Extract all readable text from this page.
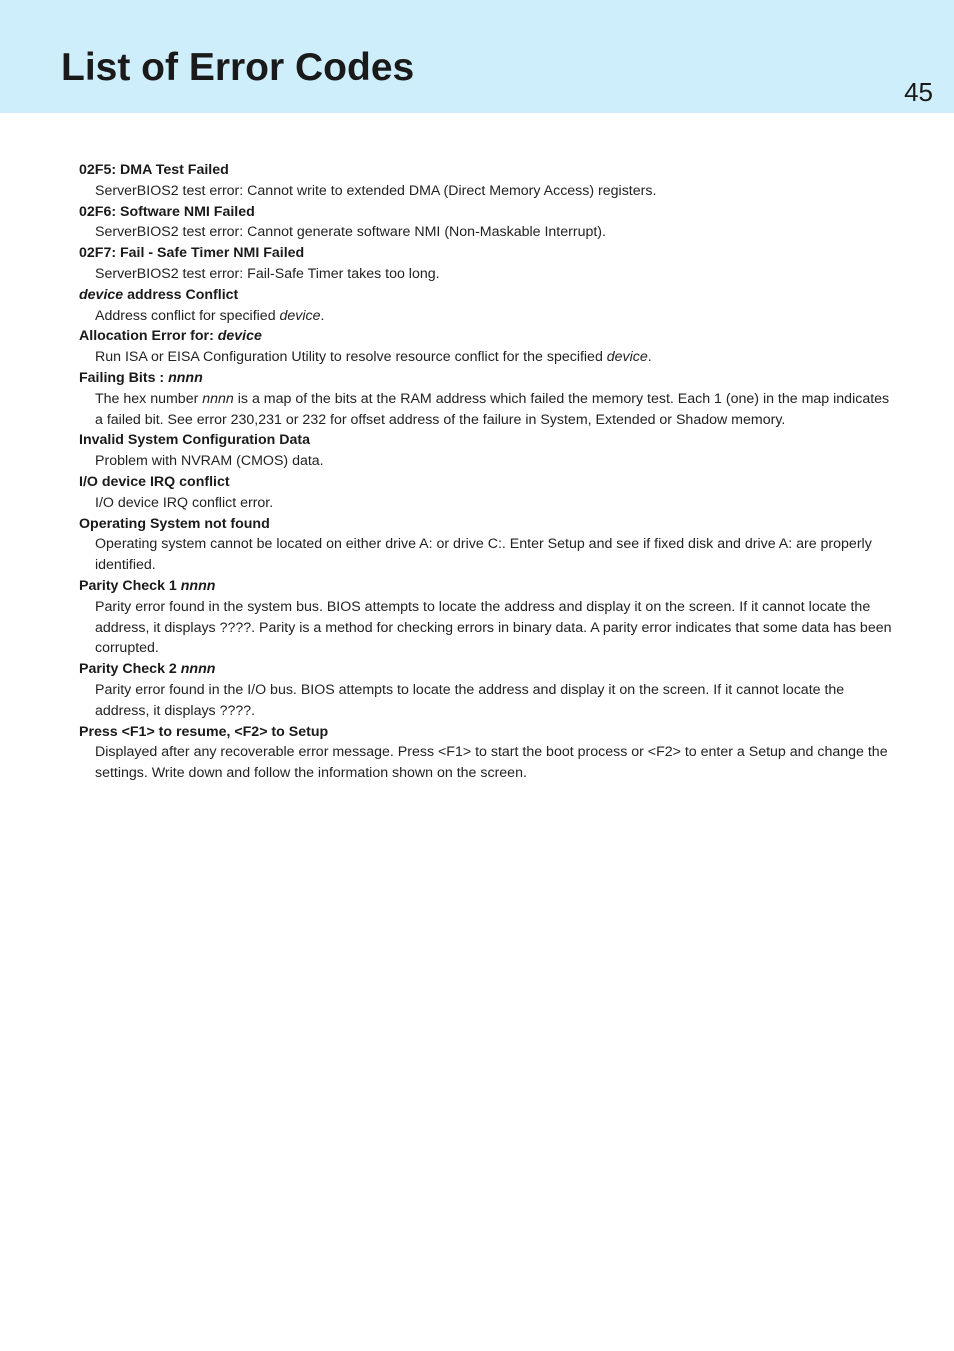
List of Error Codes
45
02F5: DMA Test Failed
ServerBIOS2 test error: Cannot write to extended DMA (Direct Memory Access) registers.
02F6: Software NMI Failed
ServerBIOS2 test error: Cannot generate software NMI (Non-Maskable Interrupt).
02F7: Fail - Safe Timer NMI Failed
ServerBIOS2 test error: Fail-Safe Timer takes too long.
device address Conflict
Address conflict for specified device.
Allocation Error for: device
Run ISA or EISA Configuration Utility to resolve resource conflict for the specified device.
Failing Bits : nnnn
The hex number nnnn is a map of the bits at the RAM address which failed the memory test. Each 1 (one) in the map indicates a failed bit. See error 230,231 or 232 for offset address of the failure in System, Extended or Shadow memory.
Invalid System Configuration Data
Problem with NVRAM (CMOS) data.
I/O device IRQ conflict
I/O device IRQ conflict error.
Operating System not found
Operating system cannot be located on either drive A: or drive C:. Enter Setup and see if fixed disk and drive A: are properly identified.
Parity Check 1 nnnn
Parity error found in the system bus. BIOS attempts to locate the address and display it on the screen. If it cannot locate the address, it displays ????. Parity is a method for checking errors in binary data. A parity error indicates that some data has been corrupted.
Parity Check 2 nnnn
Parity error found in the I/O bus. BIOS attempts to locate the address and display it on the screen. If it cannot locate the address, it displays ????.
Press <F1> to resume, <F2> to Setup
Displayed after any recoverable error message. Press <F1> to start the boot process or <F2> to enter a Setup and change the settings. Write down and follow the information shown on the screen.
